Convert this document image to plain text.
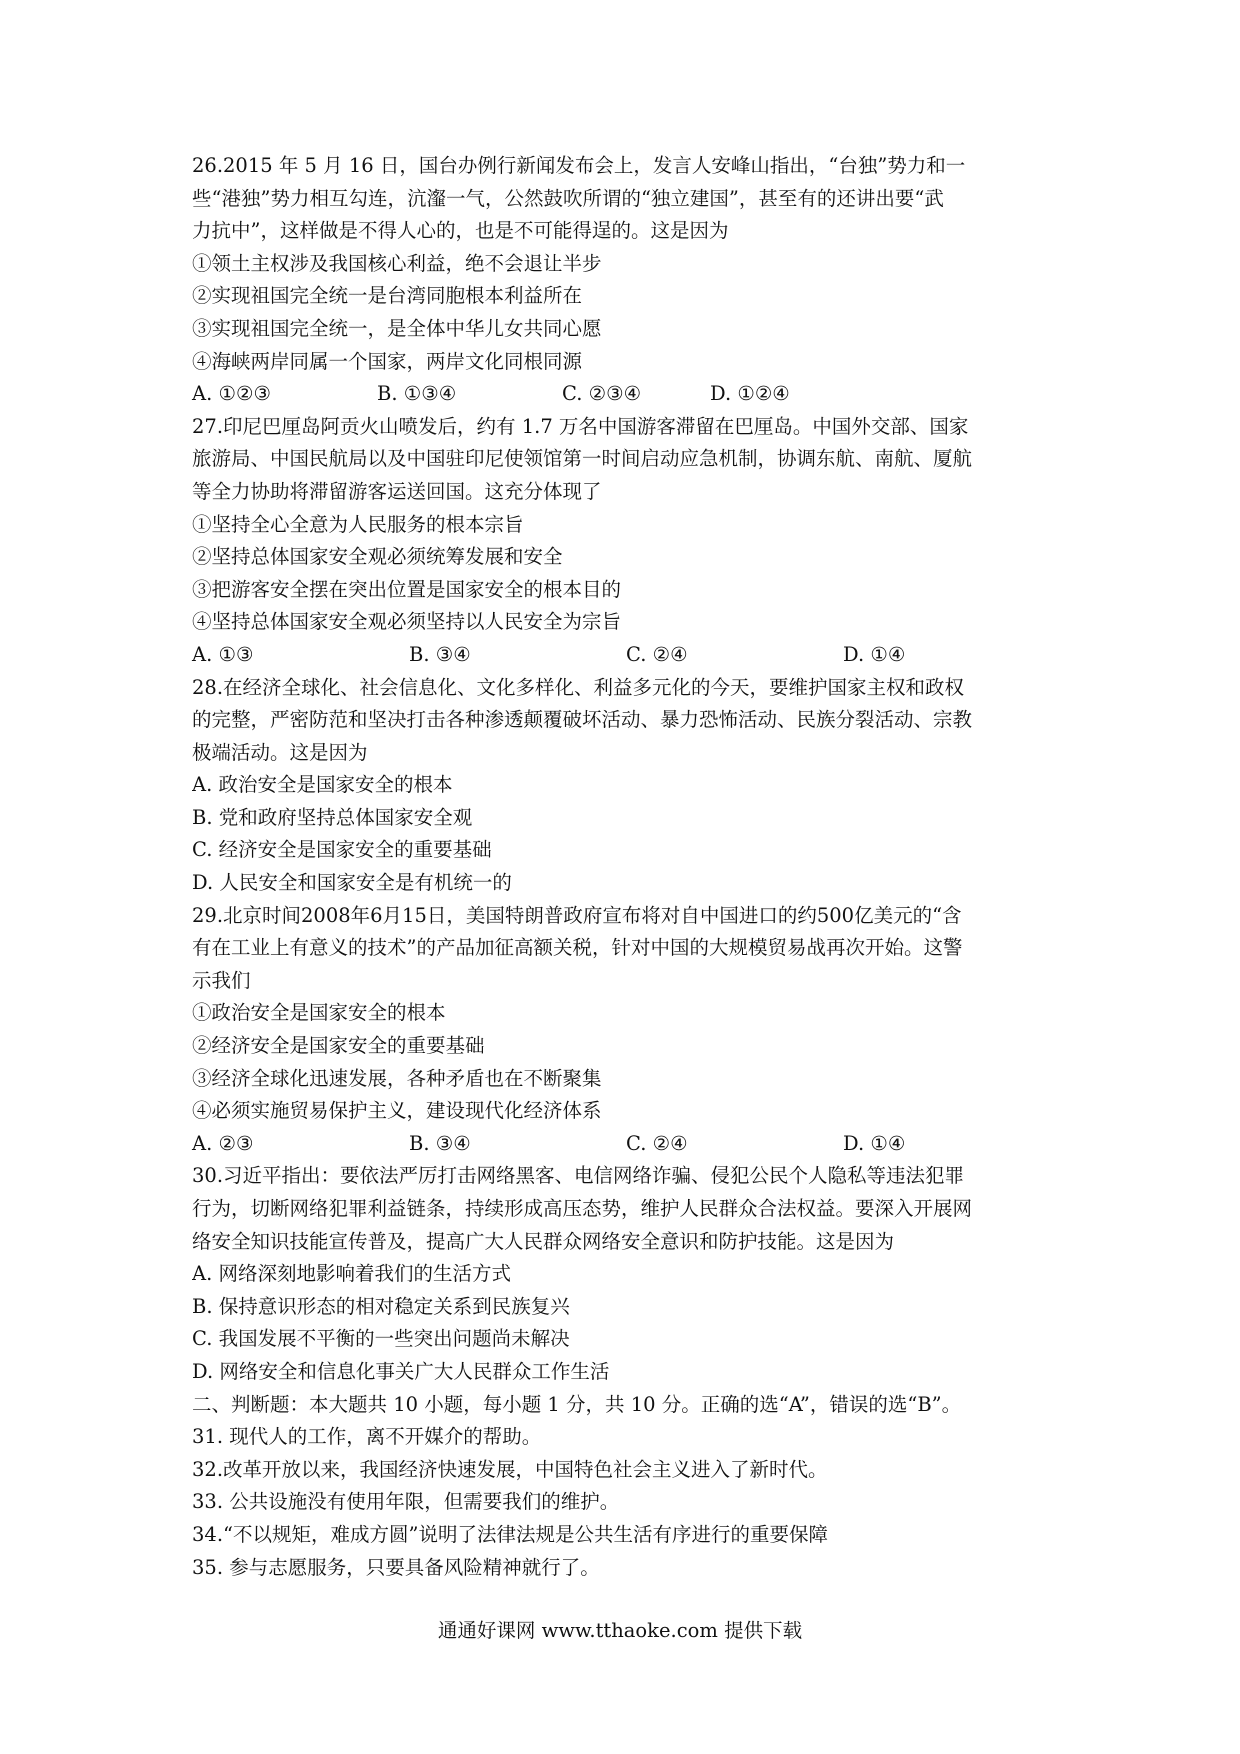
26.2015 年 5 月 16 日，国台办例行新闻发布会上，发言人安峰山指出，“台独”势力和一
些“港独”势力相互勾连，沆瀣一气，公然鼓吹所谓的“独立建国”，甚至有的还讲出要“武
力抗中”，这样做是不得人心的，也是不可能得逞的。这是因为
①领土主权涉及我国核心利益，绝不会退让半步
②实现祖国完全统一是台湾同胞根本利益所在
③实现祖国完全统一，是全体中华儿女共同心愿
④海峡两岸同属一个国家，两岸文化同根同源
A. ①②③	B. ①③④	C. ②③④	D. ①②④
27.印尼巴厘岛阿贡火山喷发后，约有 1.7 万名中国游客滞留在巴厘岛。中国外交部、国家
旅游局、中国民航局以及中国驻印尼使领馆第一时间启动应急机制，协调东航、南航、厦航
等全力协助将滞留游客运送回国。这充分体现了
①坚持全心全意为人民服务的根本宗旨
②坚持总体国家安全观必须统筹发展和安全
③把游客安全摆在突出位置是国家安全的根本目的
④坚持总体国家安全观必须坚持以人民安全为宗旨
A. ①③	B. ③④	C. ②④	D. ①④
28.在经济全球化、社会信息化、文化多样化、利益多元化的今天，要维护国家主权和政权
的完整，严密防范和坚决打击各种渗透颠覆破坏活动、暴力恐怖活动、民族分裂活动、宗教
极端活动。这是因为
A. 政治安全是国家安全的根本
B. 党和政府坚持总体国家安全观
C. 经济安全是国家安全的重要基础
D. 人民安全和国家安全是有机统一的
29.北京时间2008年6月15日，美国特朗普政府宣布将对自中国进口的约500亿美元的“含
有在工业上有意义的技术”的产品加征高额关税，针对中国的大规模贸易战再次开始。这警
示我们
①政治安全是国家安全的根本
②经济安全是国家安全的重要基础
③经济全球化迅速发展，各种矛盾也在不断聚集
④必须实施贸易保护主义，建设现代化经济体系
A. ②③	B. ③④	C. ②④	D. ①④
30.习近平指出：要依法严厉打击网络黑客、电信网络诈骗、侵犯公民个人隐私等违法犯罪
行为，切断网络犯罪利益链条，持续形成高压态势，维护人民群众合法权益。要深入开展网
络安全知识技能宣传普及，提高广大人民群众网络安全意识和防护技能。这是因为
A. 网络深刻地影响着我们的生活方式
B. 保持意识形态的相对稳定关系到民族复兴
C. 我国发展不平衡的一些突出问题尚未解决
D. 网络安全和信息化事关广大人民群众工作生活
二、判断题：本大题共 10 小题，每小题 1 分，共 10 分。正确的选“A”，错误的选“B”。
31. 现代人的工作，离不开媒介的帮助。
32.改革开放以来，我国经济快速发展，中国特色社会主义进入了新时代。
33. 公共设施没有使用年限，但需要我们的维护。
34.“不以规矩，难成方圆”说明了法律法规是公共生活有序进行的重要保障
35. 参与志愿服务，只要具备风险精神就行了。
通通好课网 www.tthaoke.com 提供下载
